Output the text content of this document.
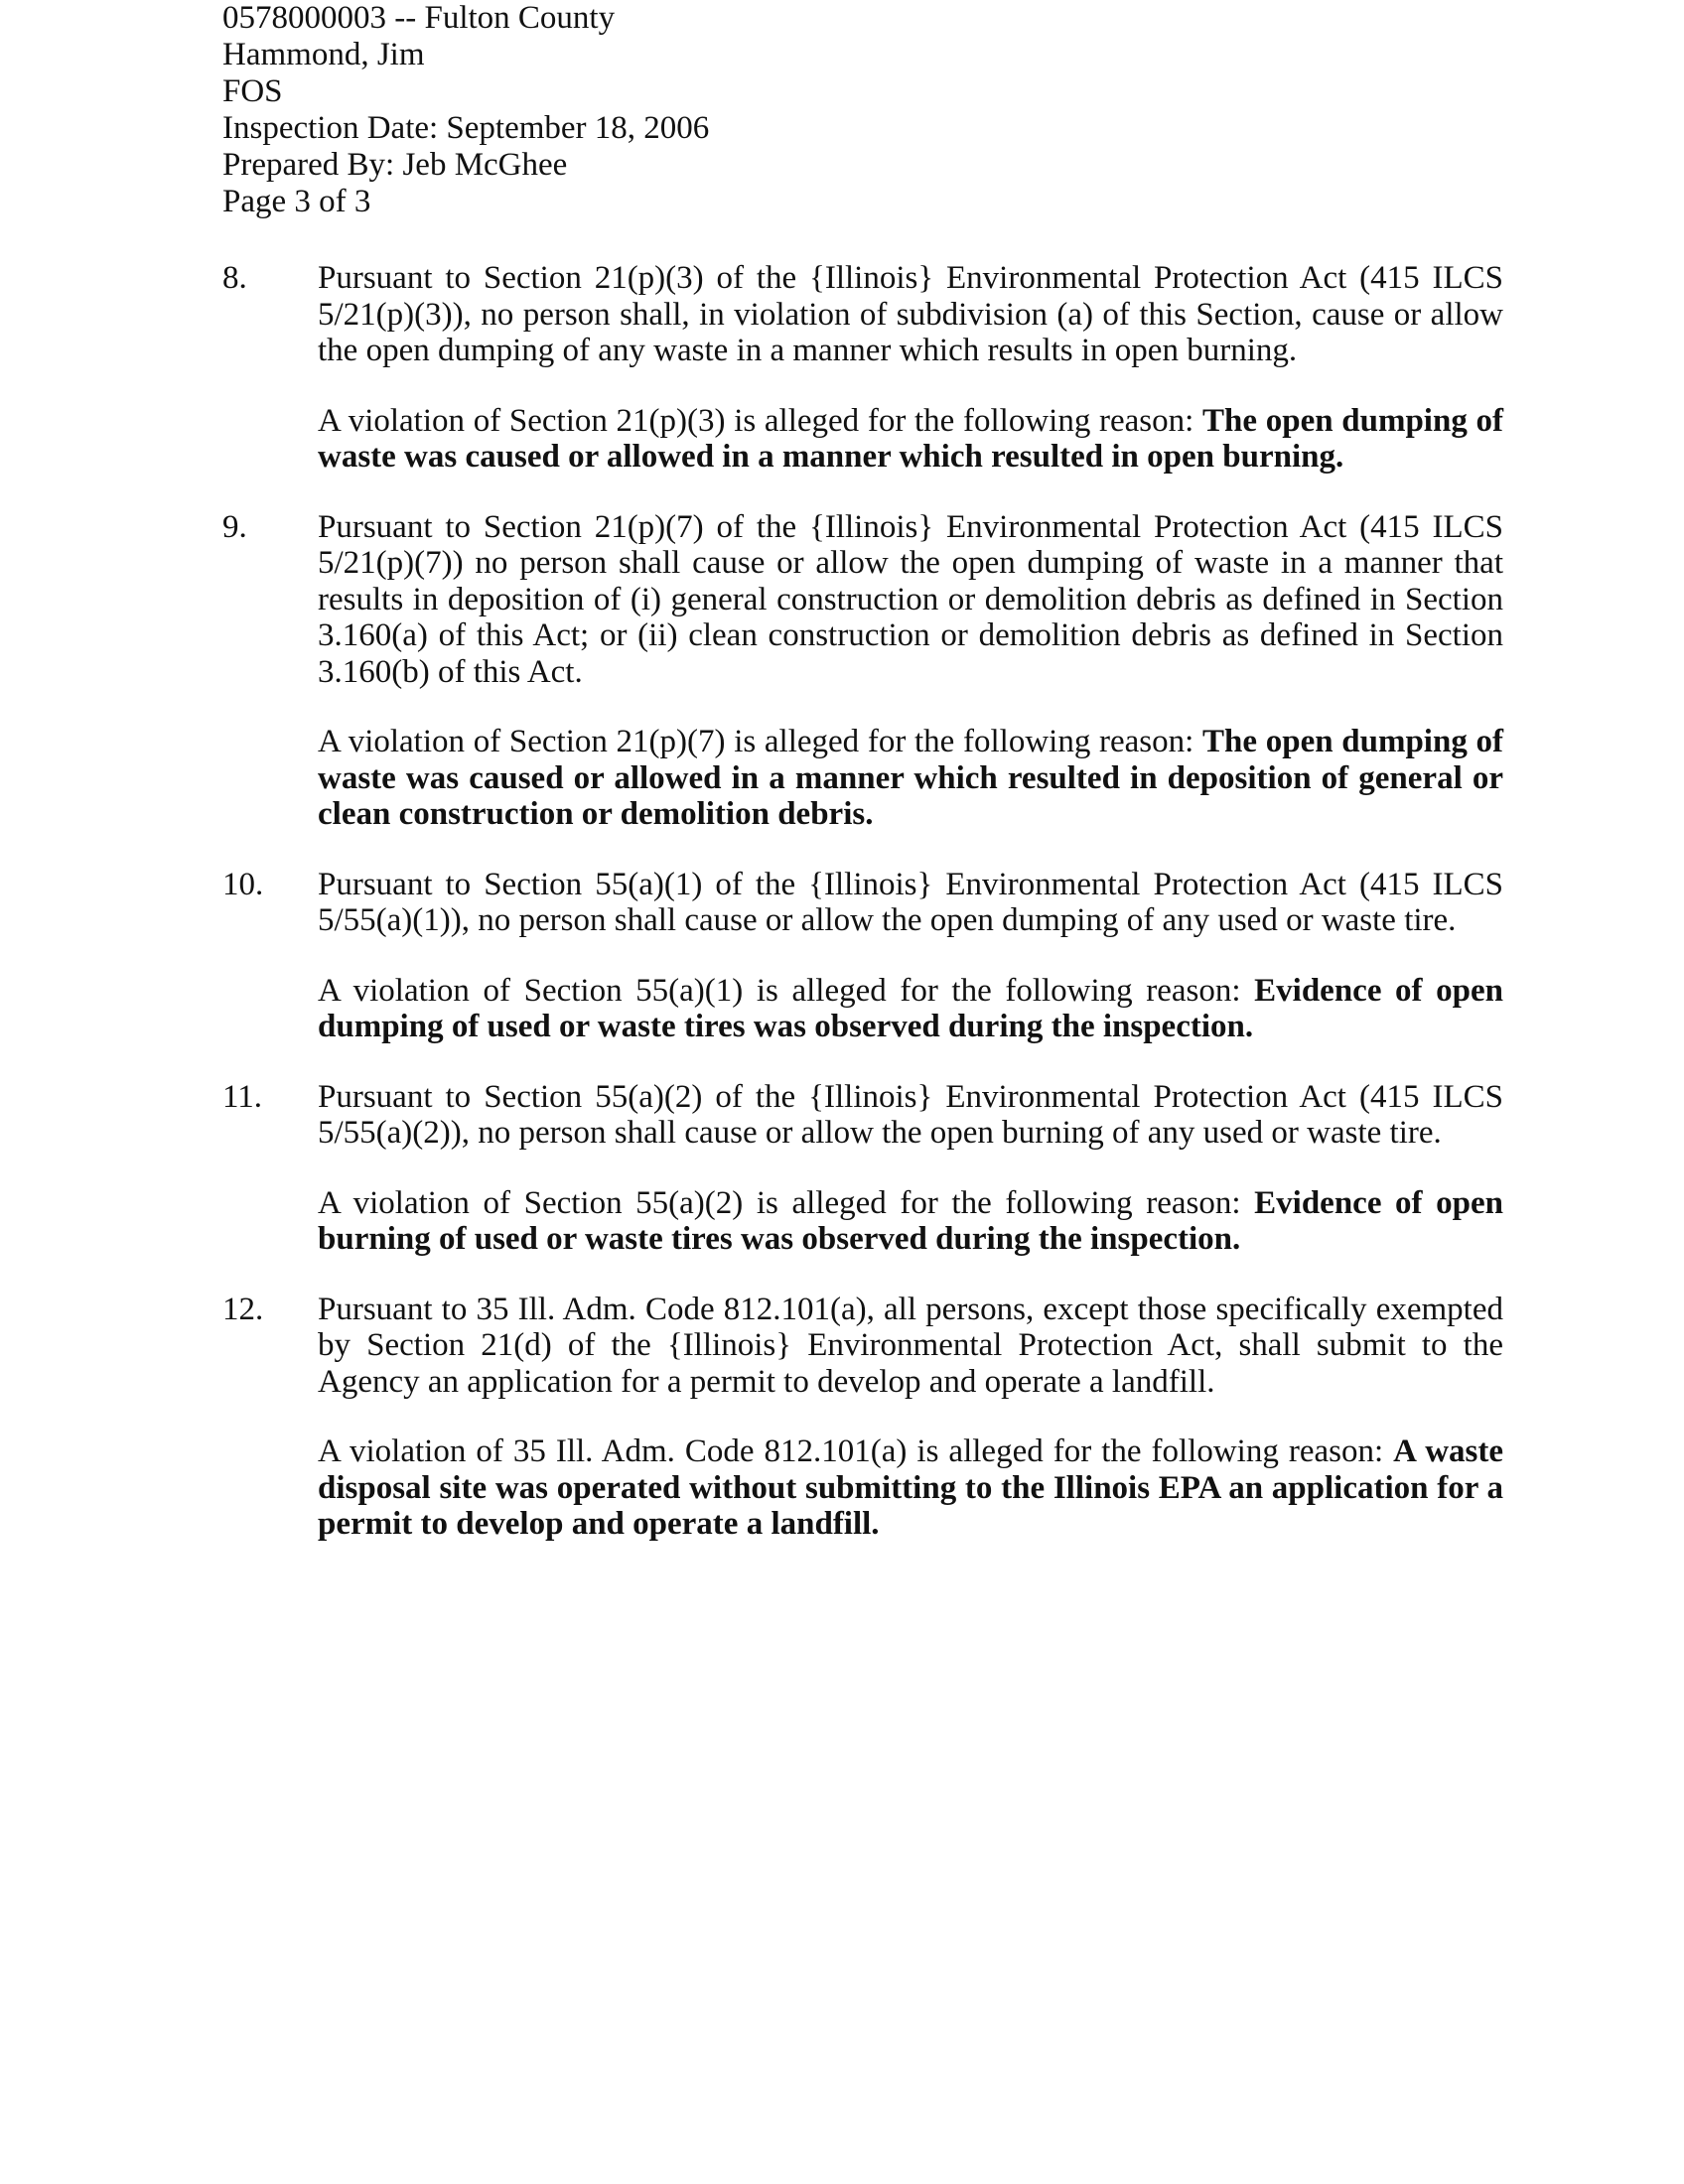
0578000003 -- Fulton County
Hammond, Jim
FOS
Inspection Date: September 18, 2006
Prepared By: Jeb McGhee
Page 3 of 3
8. Pursuant to Section 21(p)(3) of the {Illinois} Environmental Protection Act (415 ILCS 5/21(p)(3)), no person shall, in violation of subdivision (a) of this Section, cause or allow the open dumping of any waste in a manner which results in open burning.

A violation of Section 21(p)(3) is alleged for the following reason: The open dumping of waste was caused or allowed in a manner which resulted in open burning.

9. Pursuant to Section 21(p)(7) of the {Illinois} Environmental Protection Act (415 ILCS 5/21(p)(7)) no person shall cause or allow the open dumping of waste in a manner that results in deposition of (i) general construction or demolition debris as defined in Section 3.160(a) of this Act; or (ii) clean construction or demolition debris as defined in Section 3.160(b) of this Act.

A violation of Section 21(p)(7) is alleged for the following reason: The open dumping of waste was caused or allowed in a manner which resulted in deposition of general or clean construction or demolition debris.

10. Pursuant to Section 55(a)(1) of the {Illinois} Environmental Protection Act (415 ILCS 5/55(a)(1)), no person shall cause or allow the open dumping of any used or waste tire.

A violation of Section 55(a)(1) is alleged for the following reason: Evidence of open dumping of used or waste tires was observed during the inspection.

11. Pursuant to Section 55(a)(2) of the {Illinois} Environmental Protection Act (415 ILCS 5/55(a)(2)), no person shall cause or allow the open burning of any used or waste tire.

A violation of Section 55(a)(2) is alleged for the following reason: Evidence of open burning of used or waste tires was observed during the inspection.

12. Pursuant to 35 Ill. Adm. Code 812.101(a), all persons, except those specifically exempted by Section 21(d) of the {Illinois} Environmental Protection Act, shall submit to the Agency an application for a permit to develop and operate a landfill.

A violation of 35 Ill. Adm. Code 812.101(a) is alleged for the following reason: A waste disposal site was operated without submitting to the Illinois EPA an application for a permit to develop and operate a landfill.
